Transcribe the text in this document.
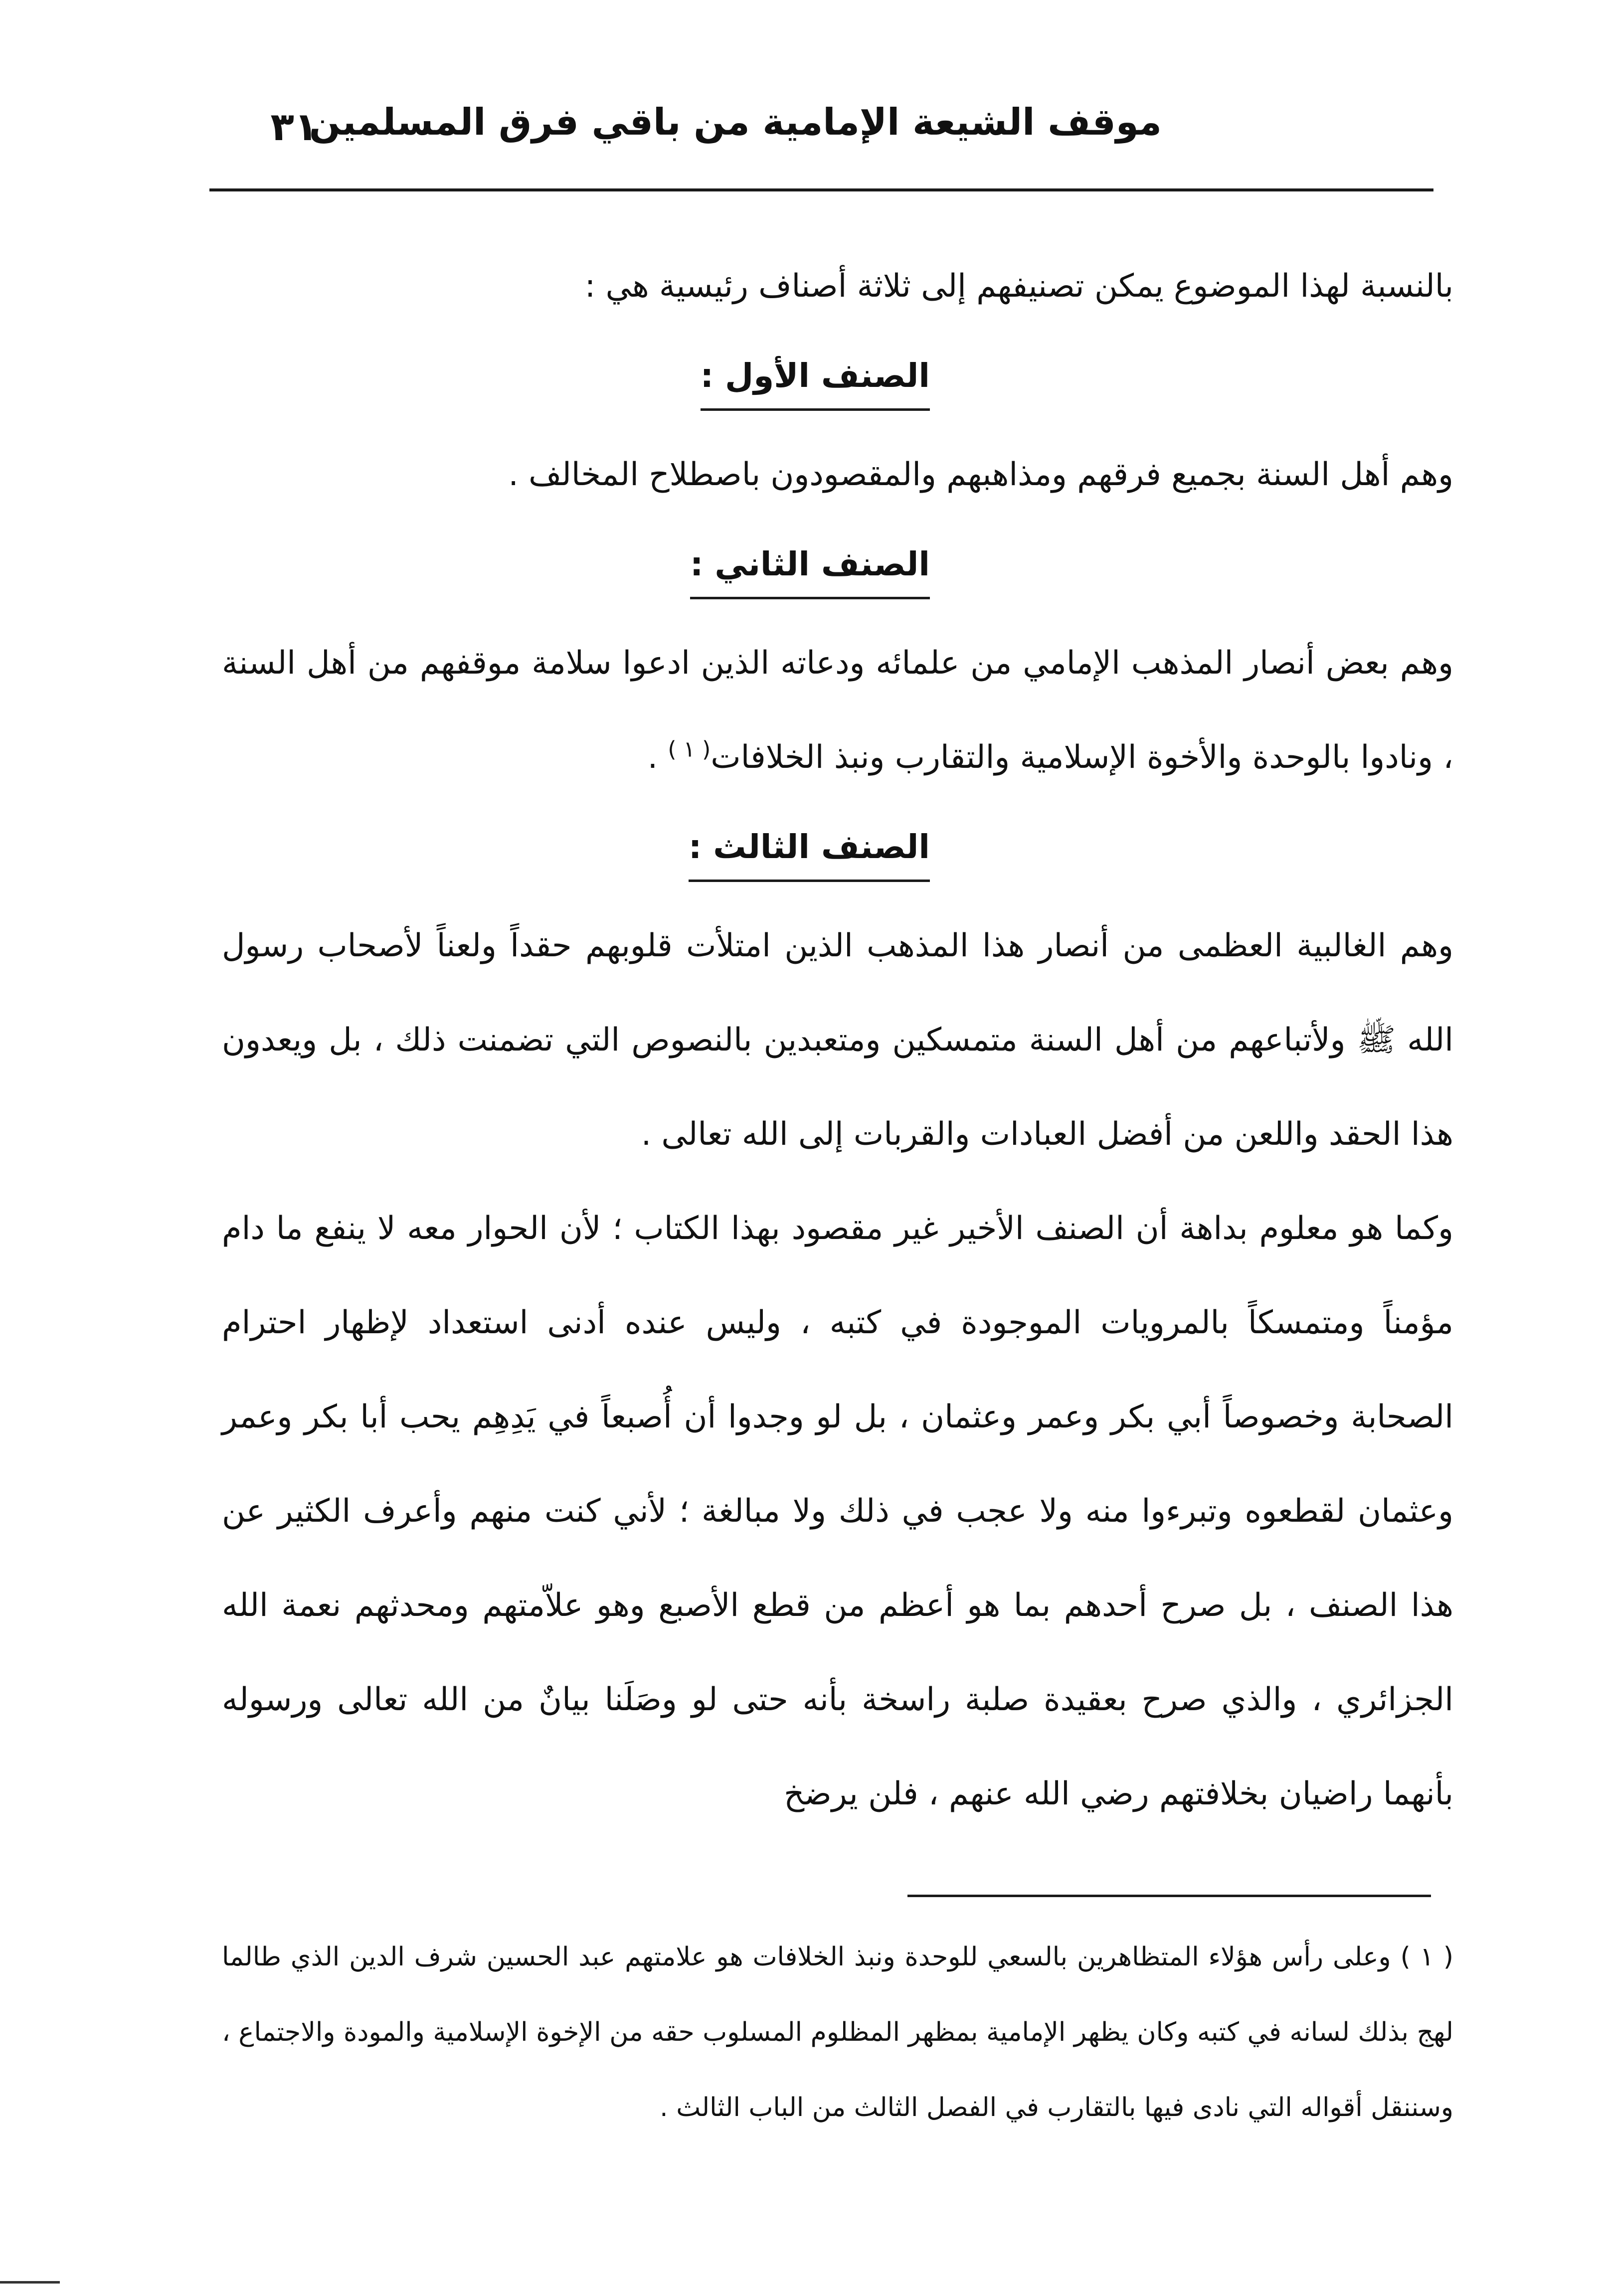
موقف الشيعة الإمامية من باقي فرق المسلمين
٣١

بالنسبة لهذا الموضوع يمكن تصنيفهم إلى ثلاثة أصناف رئيسية هي :

الصنف الأول :

وهم أهل السنة بجميع فرقهم ومذاهبهم والمقصودون باصطلاح المخالف .

الصنف الثاني :

وهم بعض أنصار المذهب الإمامي من علمائه ودعاته الذين ادعوا سلامة موقفهم من أهل السنة ، ونادوا بالوحدة والأخوة الإسلامية والتقارب ونبذ الخلافات$^{( ١ )}$ .

الصنف الثالث :

وهم الغالبية العظمى من أنصار هذا المذهب الذين امتلأت قلوبهم حقداً ولعناً لأصحاب رسول الله ﷺ ولأتباعهم من أهل السنة متمسكين ومتعبدين بالنصوص التي تضمنت ذلك ، بل ويعدون هذا الحقد واللعن من أفضل العبادات والقربات إلى الله تعالى .

وكما هو معلوم بداهة أن الصنف الأخير غير مقصود بهذا الكتاب ؛ لأن الحوار معه لا ينفع ما دام مؤمناً ومتمسكاً بالمرويات الموجودة في كتبه ، وليس عنده أدنى استعداد لإظهار احترام الصحابة وخصوصاً أبي بكر وعمر وعثمان ، بل لو وجدوا أن أُصبعاً في يَدِهِم يحب أبا بكر وعمر وعثمان لقطعوه وتبرءوا منه ولا عجب في ذلك ولا مبالغة ؛ لأني كنت منهم وأعرف الكثير عن هذا الصنف ، بل صرح أحدهم بما هو أعظم من قطع الأصبع وهو علاّمتهم ومحدثهم نعمة الله الجزائري ، والذي صرح بعقيدة صلبة راسخة بأنه حتى لو وصَلَنا بيانٌ من الله تعالى ورسوله بأنهما راضيان بخلافتهم رضي الله عنهم ، فلن يرضخ

( ١ ) وعلى رأس هؤلاء المتظاهرين بالسعي للوحدة ونبذ الخلافات هو علامتهم عبد الحسين شرف الدين الذي طالما لهج بذلك لسانه في كتبه وكان يظهر الإمامية بمظهر المظلوم المسلوب حقه من الإخوة الإسلامية والمودة والاجتماع ، وسننقل أقواله التي نادى فيها بالتقارب في الفصل الثالث من الباب الثالث .
